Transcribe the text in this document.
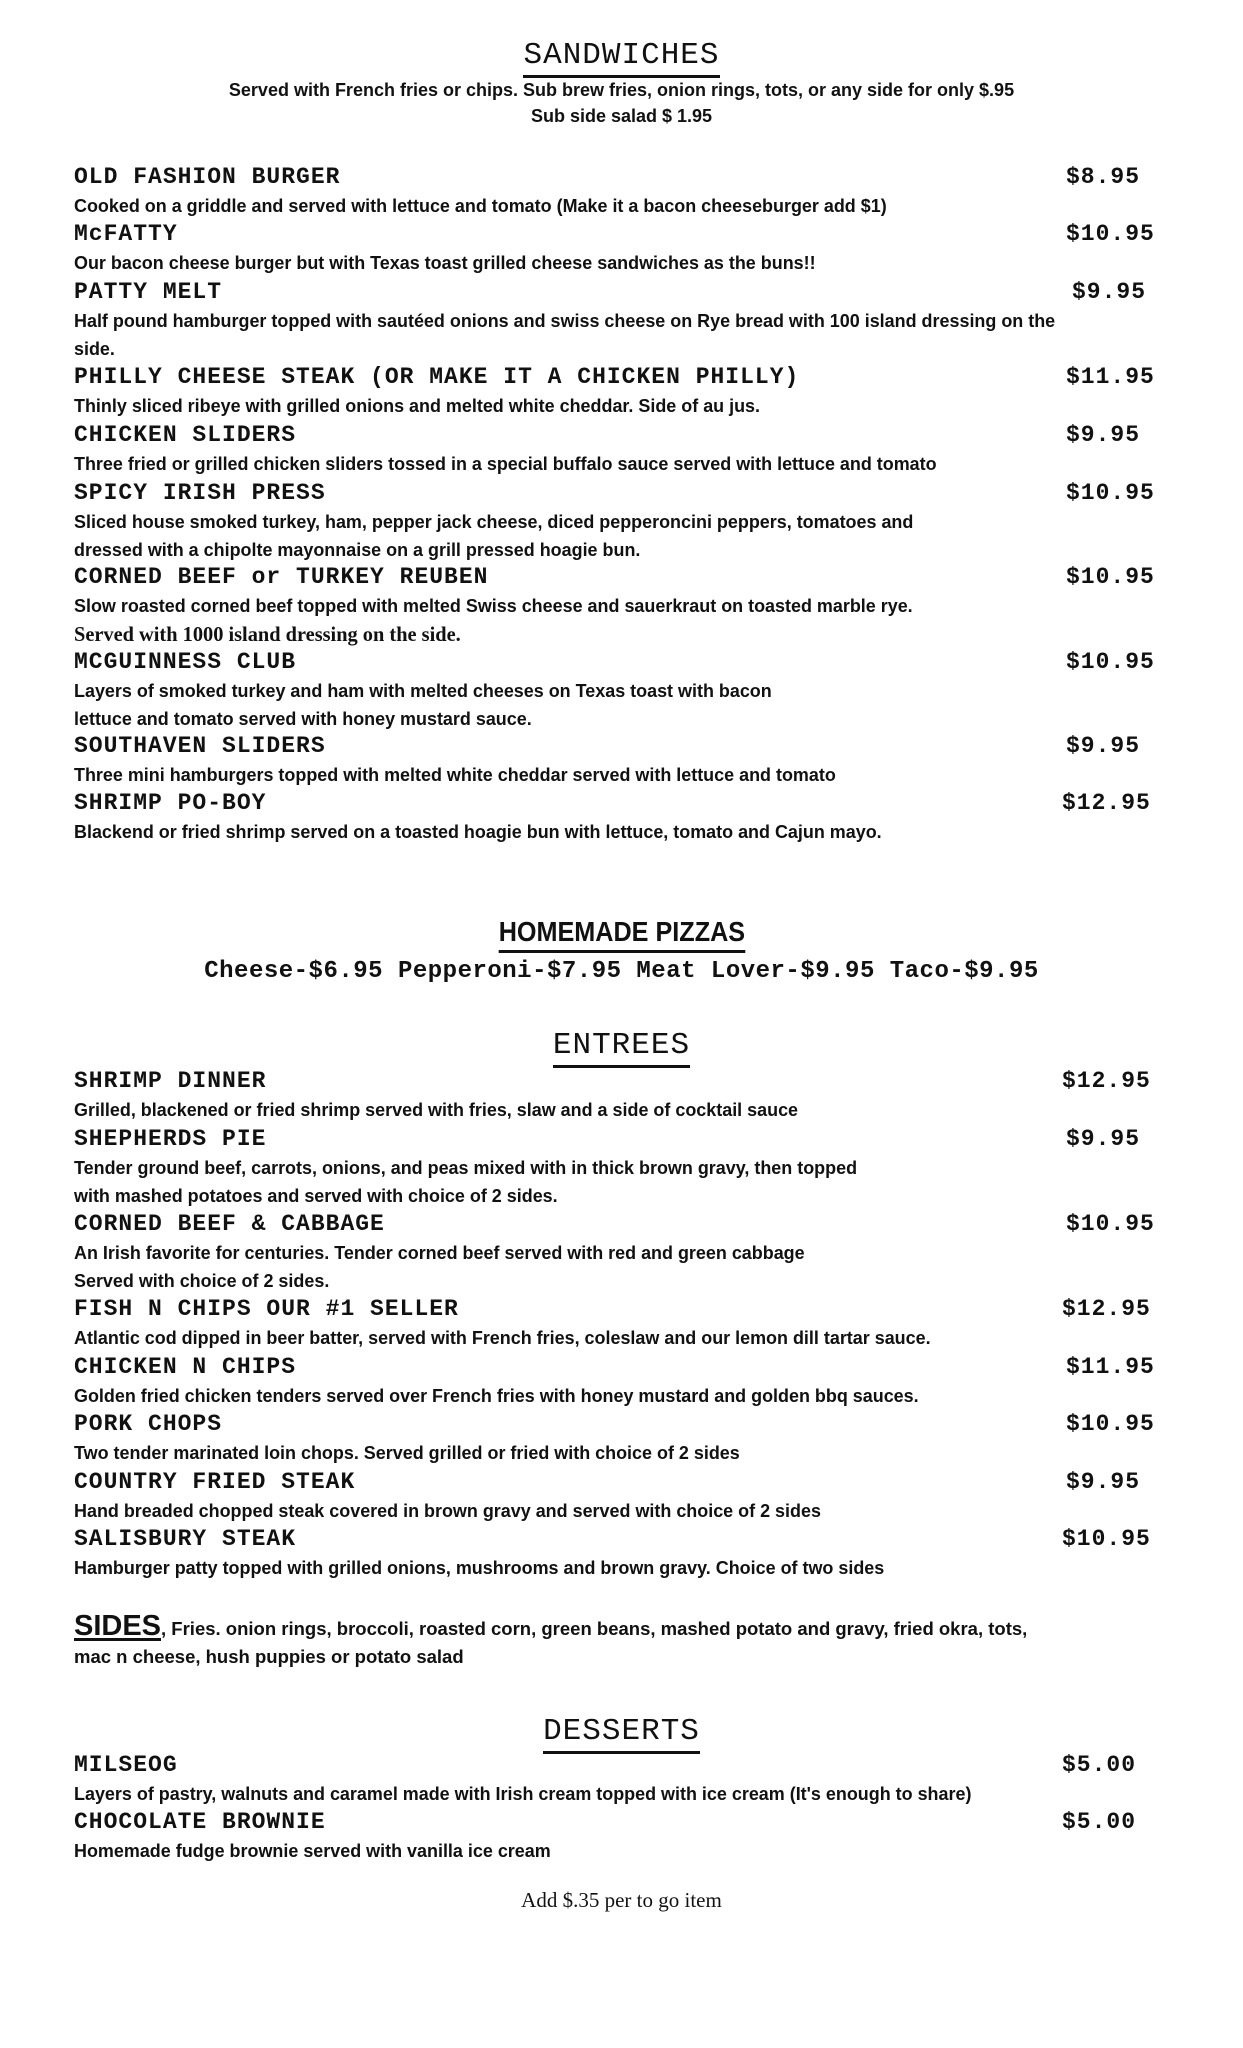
SANDWICHES
Served with French fries or chips. Sub brew fries, onion rings, tots, or any side for only $.95
Sub side salad $ 1.95
OLD FASHION BURGER	$8.95
Cooked on a griddle and served with lettuce and tomato (Make it a bacon cheeseburger add $1)
McFATTY	$10.95
Our bacon cheese burger but with Texas toast grilled cheese sandwiches as the buns!!
PATTY MELT	$9.95
Half pound hamburger topped with sautéed onions and swiss cheese on Rye bread with 100 island dressing on the
side.
PHILLY CHEESE STEAK (OR MAKE IT A CHICKEN PHILLY)	$11.95
Thinly sliced ribeye with grilled onions and melted white cheddar. Side of au jus.
CHICKEN SLIDERS	$9.95
Three fried or grilled chicken sliders tossed in a special buffalo sauce served with lettuce and tomato
SPICY IRISH PRESS	$10.95
Sliced house smoked turkey, ham, pepper jack cheese, diced pepperoncini peppers, tomatoes and
dressed with a chipolte mayonnaise on a grill pressed hoagie bun.
CORNED BEEF or TURKEY REUBEN	$10.95
Slow roasted corned beef topped with melted Swiss cheese and sauerkraut on toasted marble rye.
Served with 1000 island dressing on the side.
MCGUINNESS CLUB	$10.95
Layers of smoked turkey and ham with melted cheeses on Texas toast with bacon
lettuce and tomato served with honey mustard sauce.
SOUTHAVEN SLIDERS	$9.95
Three mini hamburgers topped with melted white cheddar served with lettuce and tomato
SHRIMP PO-BOY	$12.95
Blackend or fried shrimp served on a toasted hoagie bun with lettuce, tomato and Cajun mayo.
HOMEMADE PIZZAS
Cheese-$6.95 Pepperoni-$7.95 Meat Lover-$9.95 Taco-$9.95
ENTREES
SHRIMP DINNER	$12.95
Grilled, blackened or fried shrimp served with fries, slaw and a side of cocktail sauce
SHEPHERDS PIE	$9.95
Tender ground beef, carrots, onions, and peas mixed with in thick brown gravy, then topped
with mashed potatoes and served with choice of 2 sides.
CORNED BEEF & CABBAGE	$10.95
An Irish favorite for centuries. Tender corned beef served with red and green cabbage
Served with choice of 2 sides.
FISH N CHIPS OUR #1 SELLER	$12.95
Atlantic cod dipped in beer batter, served with French fries, coleslaw and our lemon dill tartar sauce.
CHICKEN N CHIPS	$11.95
Golden fried chicken tenders served over French fries with honey mustard and golden bbq sauces.
PORK CHOPS	$10.95
Two tender marinated loin chops. Served grilled or fried with choice of 2 sides
COUNTRY FRIED STEAK	$9.95
Hand breaded chopped steak covered in brown gravy and served with choice of 2 sides
SALISBURY STEAK	$10.95
Hamburger patty topped with grilled onions, mushrooms and brown gravy. Choice of two sides
SIDES, Fries. onion rings, broccoli, roasted corn, green beans, mashed potato and gravy, fried okra, tots,
mac n cheese, hush puppies or potato salad
DESSERTS
MILSEOG	$5.00
Layers of pastry, walnuts and caramel made with Irish cream topped with ice cream (It's enough to share)
CHOCOLATE BROWNIE	$5.00
Homemade fudge brownie served with vanilla ice cream
Add $.35 per to go item
